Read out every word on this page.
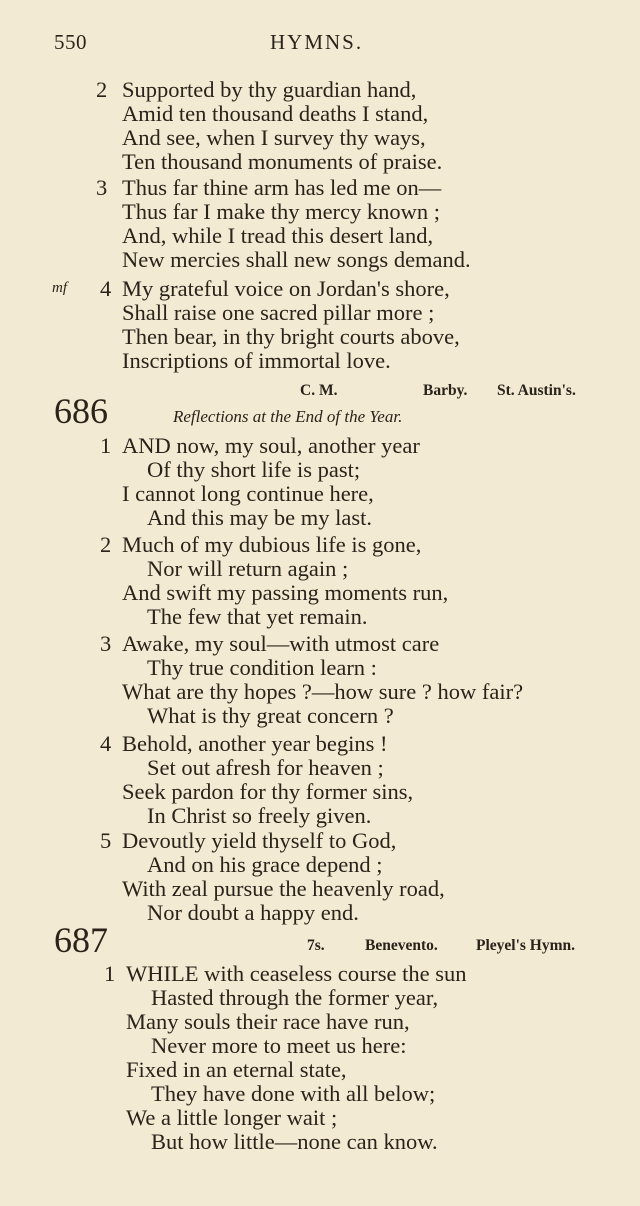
550	HYMNS.
2 Supported by thy guardian hand,
Amid ten thousand deaths I stand,
And see, when I survey thy ways,
Ten thousand monuments of praise.
3 Thus far thine arm has led me on—
Thus far I make thy mercy known ;
And, while I tread this desert land,
New mercies shall new songs demand.
mf 4 My grateful voice on Jordan's shore,
Shall raise one sacred pillar more ;
Then bear, in thy bright courts above,
Inscriptions of immortal love.
C. M.	Barby. St. Austin's.
686	Reflections at the End of the Year.
1 AND now, my soul, another year
Of thy short life is past;
I cannot long continue here,
And this may be my last.
2 Much of my dubious life is gone,
Nor will return again ;
And swift my passing moments run,
The few that yet remain.
3 Awake, my soul—with utmost care
Thy true condition learn :
What are thy hopes ?—how sure ? how fair?
What is thy great concern ?
4 Behold, another year begins !
Set out afresh for heaven ;
Seek pardon for thy former sins,
In Christ so freely given.
5 Devoutly yield thyself to God,
And on his grace depend ;
With zeal pursue the heavenly road,
Nor doubt a happy end.
687	7s.	Benevento. Pleyel's Hymn.
1 WHILE with ceaseless course the sun
Hasted through the former year,
Many souls their race have run,
Never more to meet us here:
Fixed in an eternal state,
They have done with all below;
We a little longer wait ;
But how little—none can know.
